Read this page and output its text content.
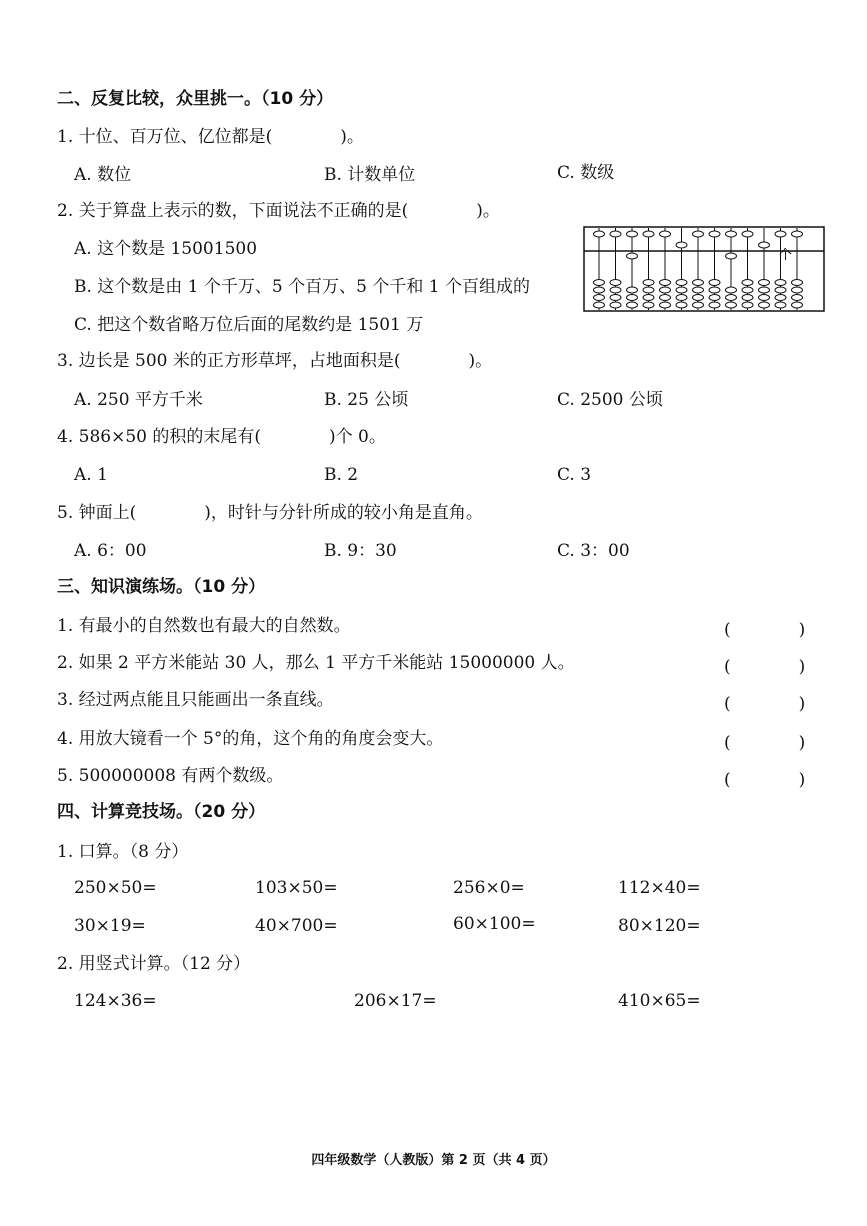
二、反复比较，众里挑一。（10 分）
1. 十位、百万位、亿位都是(　　　　)。
A. 数位	B. 计数单位	C. 数级
2. 关于算盘上表示的数，下面说法不正确的是(　　　　)。
A. 这个数是 15001500
B. 这个数是由 1 个千万、5 个百万、5 个千和 1 个百组成的
C. 把这个数省略万位后面的尾数约是 1501 万
个
3. 边长是 500 米的正方形草坪，占地面积是(　　　　)。
A. 250 平方千米	B. 25 公顷	C. 2500 公顷
4. 586×50 的积的末尾有(　　　　)个 0。
A. 1	B. 2	C. 3
5. 钟面上(　　　　)，时针与分针所成的较小角是直角。
A. 6：00	B. 9：30	C. 3：00
三、知识演练场。（10 分）
1. 有最小的自然数也有最大的自然数。	(　　　　)
2. 如果 2 平方米能站 30 人，那么 1 平方千米能站 15000000 人。	(　　　　)
3. 经过两点能且只能画出一条直线。	(　　　　)
4. 用放大镜看一个 5°的角，这个角的角度会变大。	(　　　　)
5. 500000008 有两个数级。	(　　　　)
四、计算竞技场。（20 分）
1. 口算。（8 分）
250×50=	103×50=	256×0=	112×40=
30×19=	40×700=	60×100=	80×120=
2. 用竖式计算。（12 分）
124×36=	206×17=	410×65=
四年级数学（人教版）第 2 页（共 4 页）
